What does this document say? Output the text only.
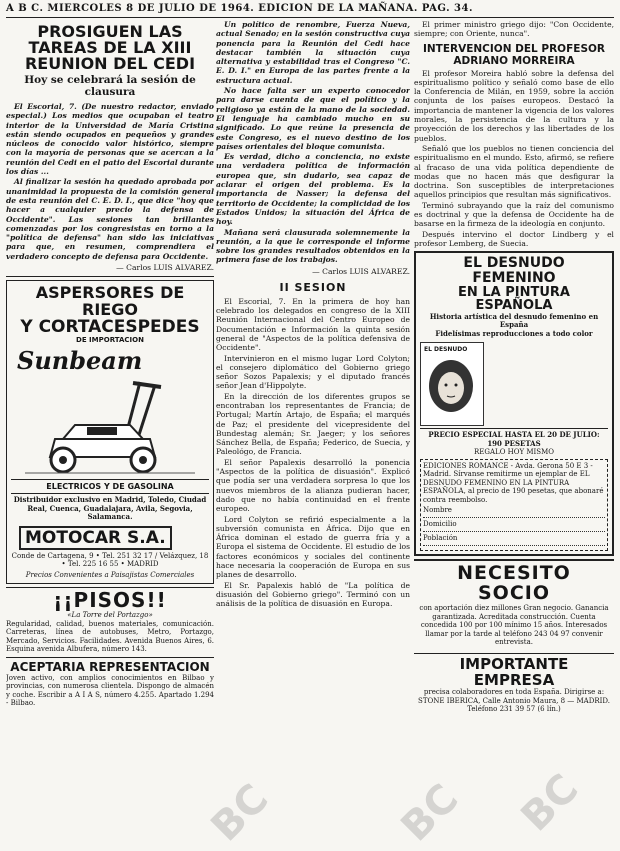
A B C. MIERCOLES 8 DE JULIO DE 1964. EDICION DE LA MAÑANA. PAG. 34.
PROSIGUEN LAS TAREAS DE LA XIII REUNION DEL CEDI
Hoy se celebrará la sesión de clausura

El Escorial, 7. (De nuestro redactor, enviado especial.) Los medios que ocupaban el teatro interior de la Universidad de María Cristina están siendo ocupados en pequeños y grandes núcleos de conocido valor histórico, siempre con la mayoría de personas que se acercan a la reunión del Cedi en el patio del Escorial durante los días ...

Al finalizar la sesión ha quedado aprobada por unanimidad la propuesta de la comisión general de esta reunión del C. E. D. I., que dice "hoy que hacer a cualquier precio la defensa de Occidente". Las sesiones tan brillantes comenzadas por los congresistas en torno a la "política de defensa" han sido las iniciativas para que, en resumen, comprendiera el verdadero concepto de defensa para Occidente.

— Carlos LUIS ALVAREZ.
ASPERSORES DE RIEGO
Y CORTACESPEDES
DE IMPORTACION
Sunbeam
ELECTRICOS Y DE GASOLINA
Distribuidor exclusivo en Madrid, Toledo, Ciudad Real, Cuenca, Guadalajara, Avila, Segovia, Salamanca.
MOTOCAR S.A.
Conde de Cartagena, 9 • Tel. 251 32 17 / Velázquez, 18 • Tel. 225 16 55 • MADRID
Precios Convenientes a Paisajistas Comerciales
¡¡PISOS!!
«La Torre del Portazgo»
Regularidad, calidad, buenos materiales, comunicación. Carreteras, línea de autobuses, Metro, Portazgo, Mercado, Servicios. Facilidades. Avenida Buenos Aires, 6. Esquina avenida Albufera, número 143.
ACEPTARIA REPRESENTACION
Joven activo, con amplios conocimientos en Bilbao y provincias, con numerosa clientela. Dispongo de almacén y coche. Escribir a A I A S, número 4.255. Apartado 1.294 - Bilbao.

Un político de renombre, Fuerza Nueva, actual Senado; en la sesión constructiva cuya ponencia para la Reunión del Cedi hace destacar también la situación cuya alternativa y estabilidad tras el Congreso "C. E. D. I." en Europa de las partes frente a la estructura actual.

No hace falta ser un experto conocedor para darse cuenta de que el político y la religioso ya están de la mano de la sociedad. El lenguaje ha cambiado mucho en su significado. Lo que reúne la presencia de este Congreso, es el nuevo destino de los países orientales del bloque comunista.

Es verdad, dicho a conciencia, no existe una verdadera política de información europea que, sin dudarlo, sea capaz de aclarar el origen del problema. Es la importancia de Nasser; la defensa del territorio de Occidente; la complicidad de los Estados Unidos; la situación del África de hoy.

Mañana será clausurada solemnemente la reunión, a la que le corresponde el informe sobre los grandes resultados obtenidos en la primera fase de los trabajos.

— Carlos LUIS ALVAREZ.
II SESION

El Escorial, 7. En la primera de hoy han celebrado los delegados en congreso de la XIII Reunión Internacional del Centro Europeo de Documentación e Información la quinta sesión general de "Aspectos de la política defensiva de Occidente".

Intervinieron en el mismo lugar Lord Colyton; el consejero diplomático del Gobierno griego señor Sozos Papalexis; y el diputado francés señor Jean d'Hippolyte.

En la dirección de los diferentes grupos se encontraban los representantes de Francia; de Portugal; Martín Artajo, de España; el marqués de Paz; el presidente del vicepresidente del Bundestag alemán; Sr. Jaeger; y los señores Sánchez Bella, de España; Federico, de Suecia, y Paleológo, de Francia.

El señor Papalexis desarrolló la ponencia "Aspectos de la política de disuasión". Explicó que podía ser una verdadera sorpresa lo que los nuevos miembros de la alianza pudieran hacer, dado que no había continuidad en el frente europeo.

Lord Colyton se refirió especialmente a la subversión comunista en África. Dijo que en África dominan el estado de guerra fría y a Europa el sistema de Occidente. El estudio de los factores económicos y sociales del continente hace necesaria la cooperación de Europa en sus planes de desarrollo.

El Sr. Papalexis habló de "La política de disuasión del Gobierno griego". Terminó con un análisis de la política de disuasión en Europa.

El primer ministro griego dijo: "Con Occidente, siempre; con Oriente, nunca".

INTERVENCION DEL PROFESOR ADRIANO MORREIRA

El profesor Moreira habló sobre la defensa del espiritualismo político y señaló como base de ello la Conferencia de Milán, en 1959, sobre la acción conjunta de los países europeos. Destacó la importancia de mantener la vigencia de los valores morales, la persistencia de la cultura y la proyección de los derechos y las libertades de los pueblos.

Señaló que los pueblos no tienen conciencia del espiritualismo en el mundo. Esto, afirmó, se refiere al fracaso de una vida política dependiente de modas que no hacen más que desfigurar la doctrina. Son susceptibles de interpretaciones aquellos principios que resultan más significativos.

Terminó subrayando que la raíz del comunismo es doctrinal y que la defensa de Occidente ha de basarse en la firmeza de la ideología en conjunto.

Después intervino el doctor Lindberg y el profesor Lemberg, de Suecia.

EL DESNUDO FEMENINO
EN LA PINTURA ESPAÑOLA
Historia artística del desnudo femenino en España
Fidelísimas reproducciones a todo color
EL DESNUDO
PRECIO ESPECIAL HASTA EL 20 DE JULIO: 190 PESETAS
REGALO HOY MISMO
EDICIONES ROMANCE - Avda. Gerona 50 E 3 - Madrid. Sírvanse remitirme un ejemplar de EL DESNUDO FEMENINO EN LA PINTURA ESPAÑOLA, al precio de 190 pesetas, que abonaré contra reembolso.
Nombre
Domicilio
Población
NECESITO SOCIO
con aportación diez millones Gran negocio. Ganancia garantizada. Acreditada construcción. Cuenta concedida 100 por 100 mínimo 15 años. Interesados llamar por la tarde al teléfono 243 04 97 convenir entrevista.
IMPORTANTE EMPRESA
precisa colaboradores en toda España. Dirigirse a: STONE IBERICA, Calle Antonio Maura, 8 — MADRID. Teléfono 231 39 57 (6 lín.)
BC	BC BC
